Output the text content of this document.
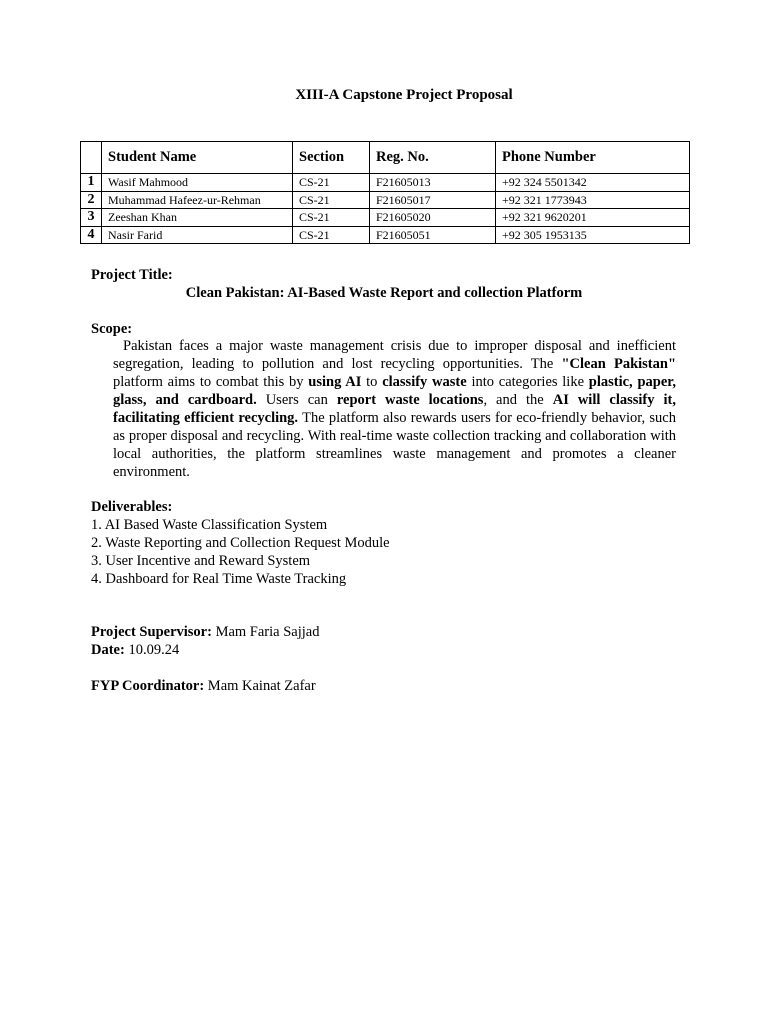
XIII-A Capstone Project Proposal
	Student Name	Section	Reg. No.	Phone Number
1	Wasif Mahmood	CS-21	F21605013	+92 324 5501342
2	Muhammad Hafeez-ur-Rehman	CS-21	F21605017	+92 321 1773943
3	Zeeshan Khan	CS-21	F21605020	+92 321 9620201
4	Nasir Farid	CS-21	F21605051	+92 305 1953135
Project Title:
Clean Pakistan: AI-Based Waste Report and collection Platform
Scope:
Pakistan faces a major waste management crisis due to improper disposal and inefficient segregation, leading to pollution and lost recycling opportunities. The "Clean Pakistan" platform aims to combat this by using AI to classify waste into categories like plastic, paper, glass, and cardboard. Users can report waste locations, and the AI will classify it, facilitating efficient recycling. The platform also rewards users for eco-friendly behavior, such as proper disposal and recycling. With real-time waste collection tracking and collaboration with local authorities, the platform streamlines waste management and promotes a cleaner environment.
Deliverables:
1. AI Based Waste Classification System
2. Waste Reporting and Collection Request Module
3. User Incentive and Reward System
4. Dashboard for Real Time Waste Tracking
Project Supervisor: Mam Faria Sajjad
Date: 10.09.24
FYP Coordinator: Mam Kainat Zafar
